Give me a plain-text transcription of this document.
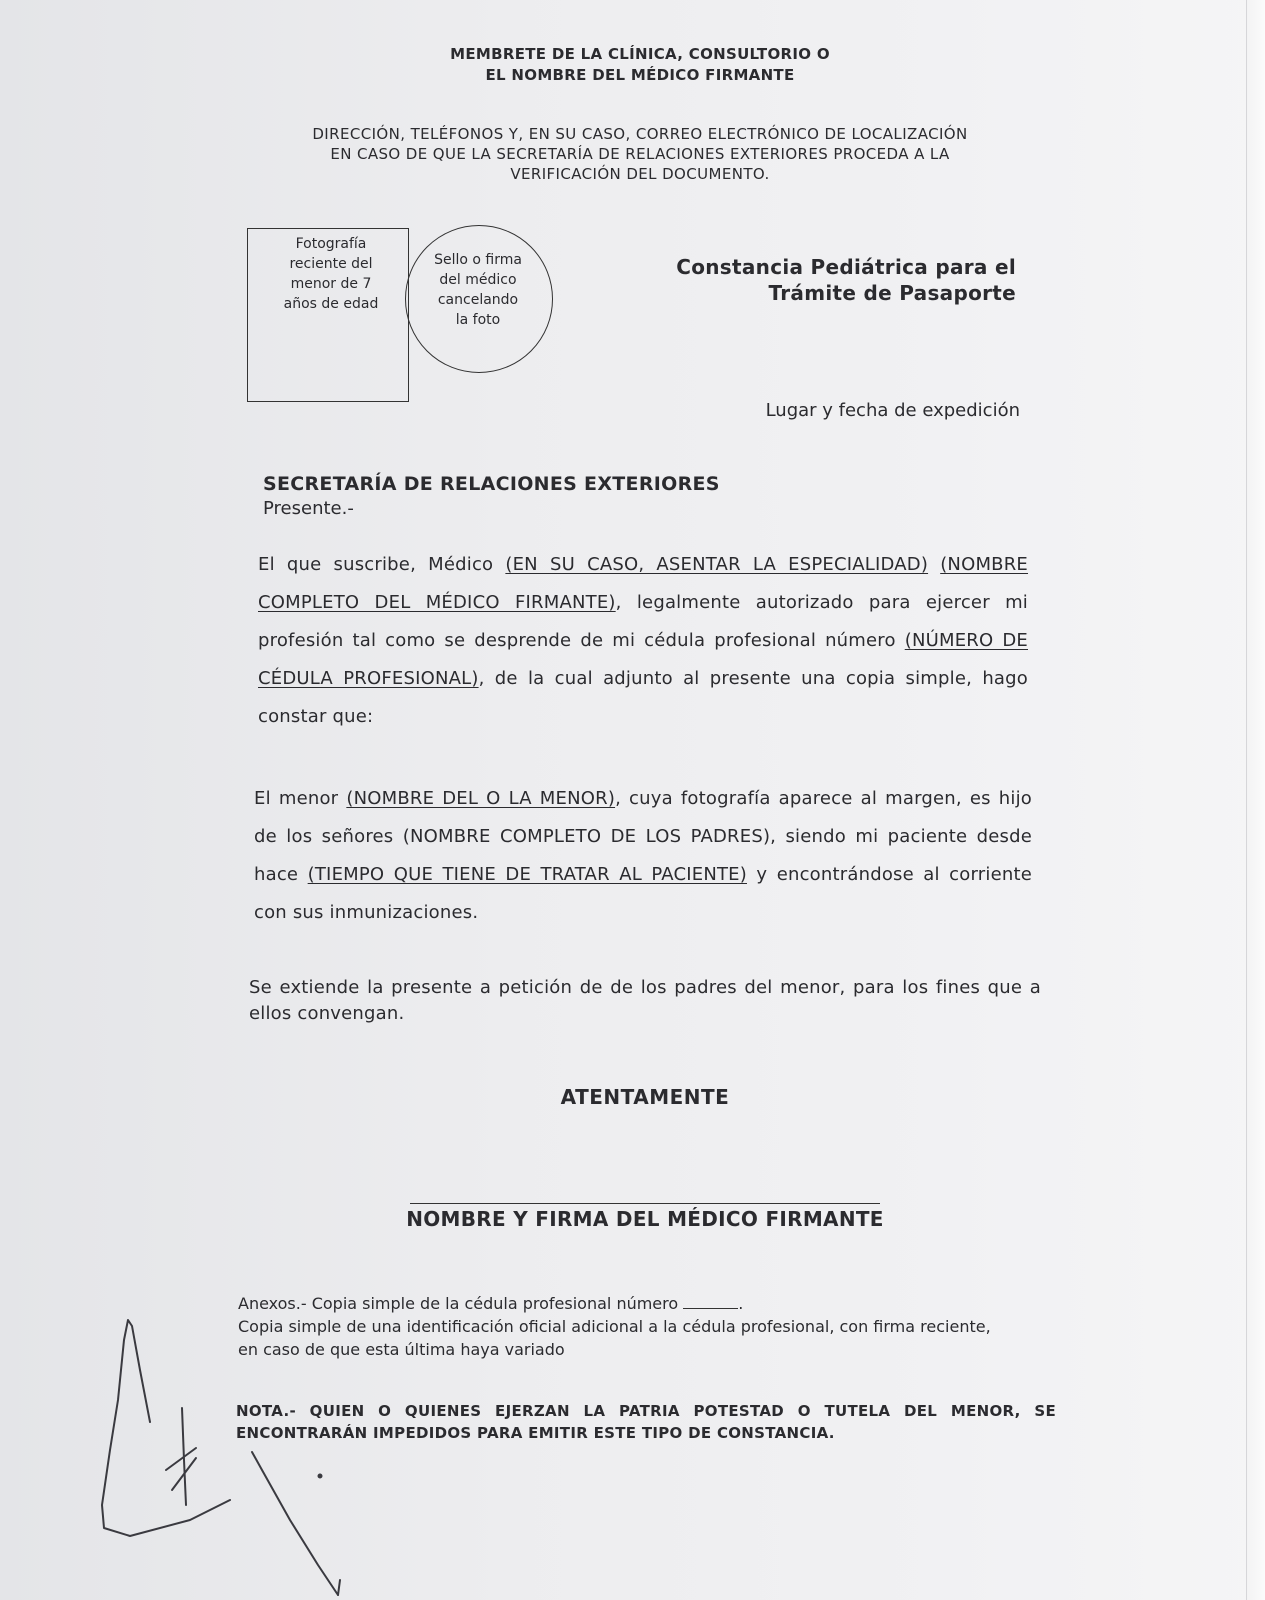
MEMBRETE DE LA CLÍNICA, CONSULTORIO O
EL NOMBRE DEL MÉDICO FIRMANTE
DIRECCIÓN, TELÉFONOS Y, EN SU CASO, CORREO ELECTRÓNICO DE LOCALIZACIÓN
EN CASO DE QUE LA SECRETARÍA DE RELACIONES EXTERIORES PROCEDA A LA
VERIFICACIÓN DEL DOCUMENTO.
Fotografía
reciente del
menor de 7
años de edad
Sello o firma
del médico
cancelando
la foto
Constancia Pediátrica para el
Trámite de Pasaporte
Lugar y fecha de expedición
SECRETARÍA DE RELACIONES EXTERIORES
Presente.-
El que suscribe, Médico (EN SU CASO, ASENTAR LA ESPECIALIDAD) (NOMBRE COMPLETO DEL MÉDICO FIRMANTE), legalmente autorizado para ejercer mi profesión tal como se desprende de mi cédula profesional número (NÚMERO DE CÉDULA PROFESIONAL), de la cual adjunto al presente una copia simple, hago constar que:
El menor (NOMBRE DEL O LA MENOR), cuya fotografía aparece al margen, es hijo de los señores (NOMBRE COMPLETO DE LOS PADRES), siendo mi paciente desde hace (TIEMPO QUE TIENE DE TRATAR AL PACIENTE) y encontrándose al corriente con sus inmunizaciones.
Se extiende la presente a petición de de los padres del menor, para los fines que a ellos convengan.
ATENTAMENTE
NOMBRE Y FIRMA DEL MÉDICO FIRMANTE
Anexos.- Copia simple de la cédula profesional número	.
Copia simple de una identificación oficial adicional a la cédula profesional, con firma reciente,
en caso de que esta última haya variado
NOTA.- QUIEN O QUIENES EJERZAN LA PATRIA POTESTAD O TUTELA DEL MENOR, SE ENCONTRARÁN IMPEDIDOS PARA EMITIR ESTE TIPO DE CONSTANCIA.
